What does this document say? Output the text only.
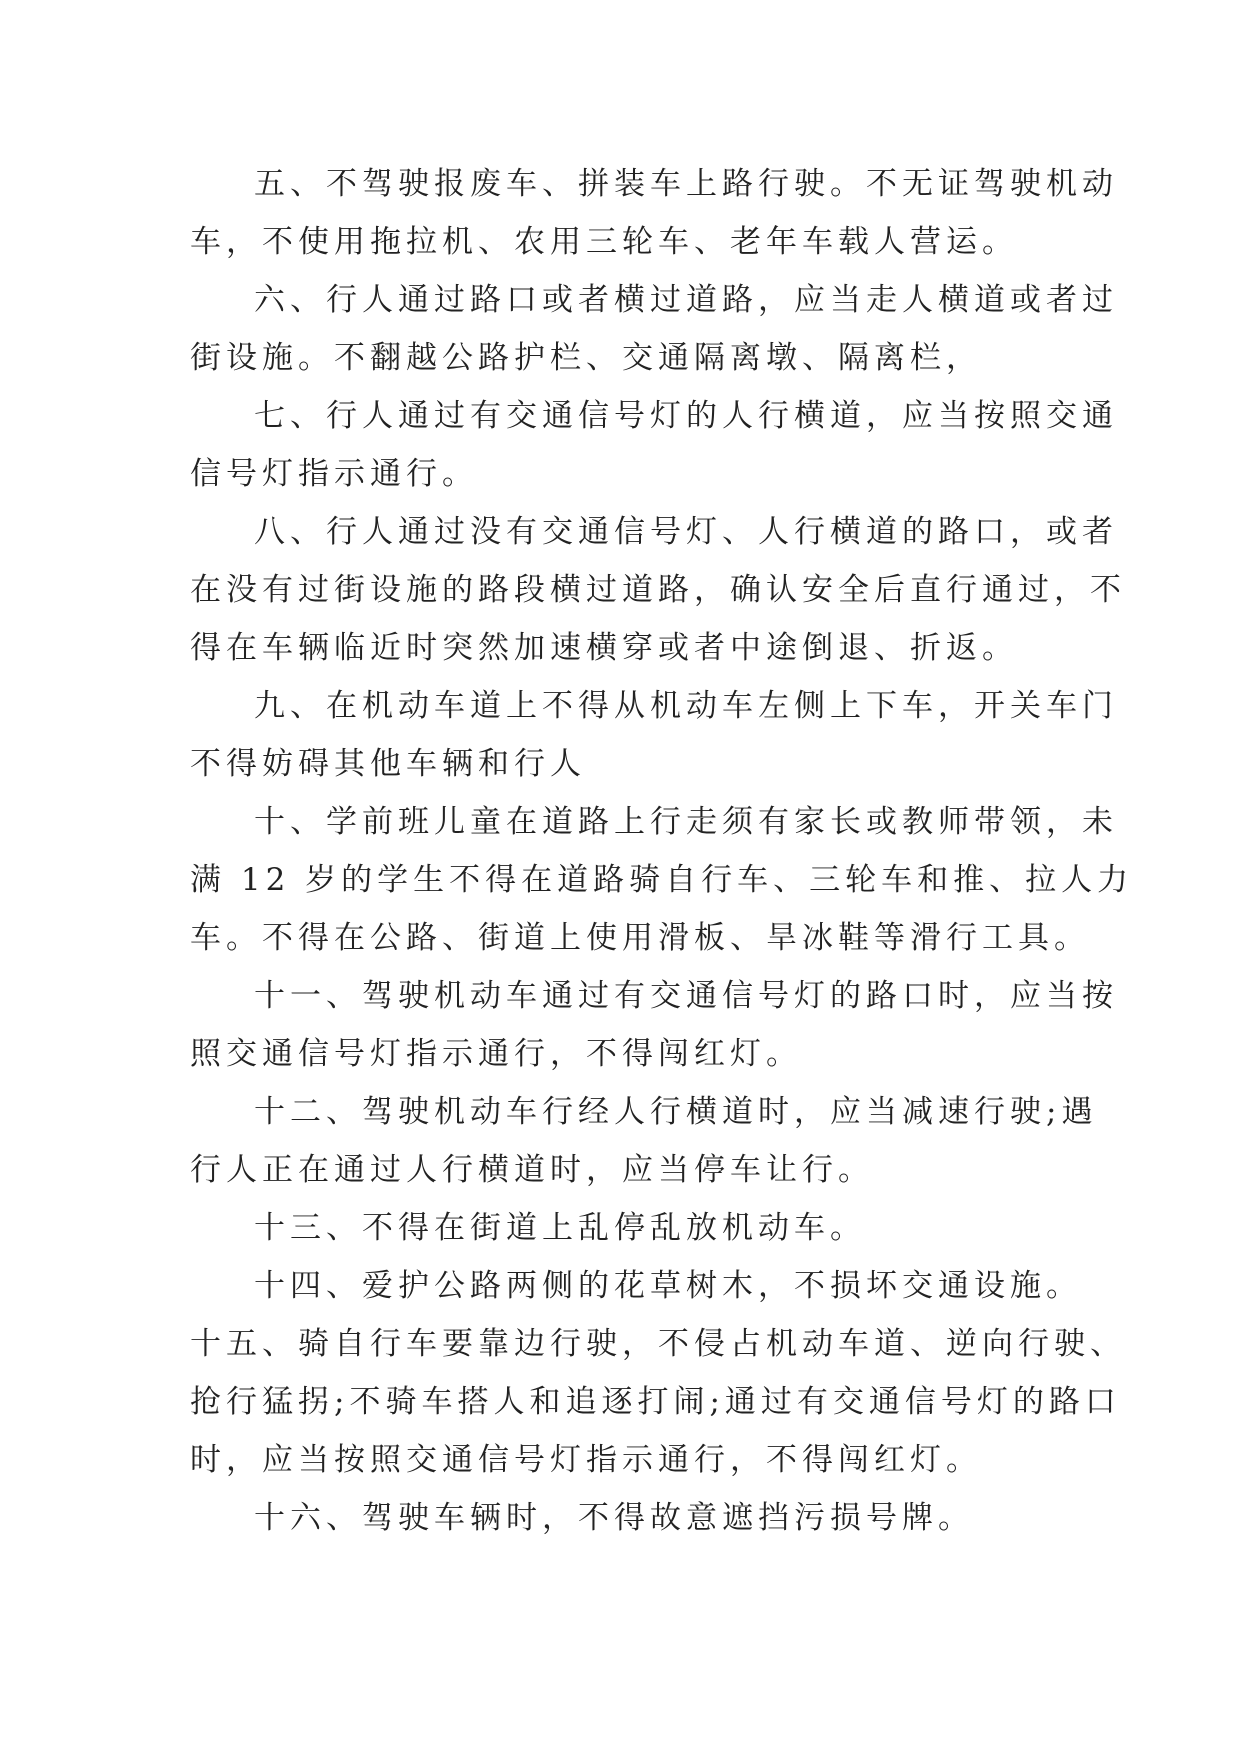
五、不驾驶报废车、拼装车上路行驶。不无证驾驶机动
车，不使用拖拉机、农用三轮车、老年车载人营运。

六、行人通过路口或者横过道路，应当走人横道或者过
街设施。不翻越公路护栏、交通隔离墩、隔离栏，

七、行人通过有交通信号灯的人行横道，应当按照交通
信号灯指示通行。

八、行人通过没有交通信号灯、人行横道的路口，或者
在没有过街设施的路段横过道路，确认安全后直行通过，不
得在车辆临近时突然加速横穿或者中途倒退、折返。

九、在机动车道上不得从机动车左侧上下车，开关车门
不得妨碍其他车辆和行人

十、学前班儿童在道路上行走须有家长或教师带领，未
满 12 岁的学生不得在道路骑自行车、三轮车和推、拉人力
车。不得在公路、街道上使用滑板、旱冰鞋等滑行工具。

十一、驾驶机动车通过有交通信号灯的路口时，应当按
照交通信号灯指示通行，不得闯红灯。

十二、驾驶机动车行经人行横道时，应当减速行驶;遇
行人正在通过人行横道时，应当停车让行。

十三、不得在街道上乱停乱放机动车。

十四、爱护公路两侧的花草树木，不损坏交通设施。
十五、骑自行车要靠边行驶，不侵占机动车道、逆向行驶、
抢行猛拐;不骑车搭人和追逐打闹;通过有交通信号灯的路口
时，应当按照交通信号灯指示通行，不得闯红灯。

十六、驾驶车辆时，不得故意遮挡污损号牌。
